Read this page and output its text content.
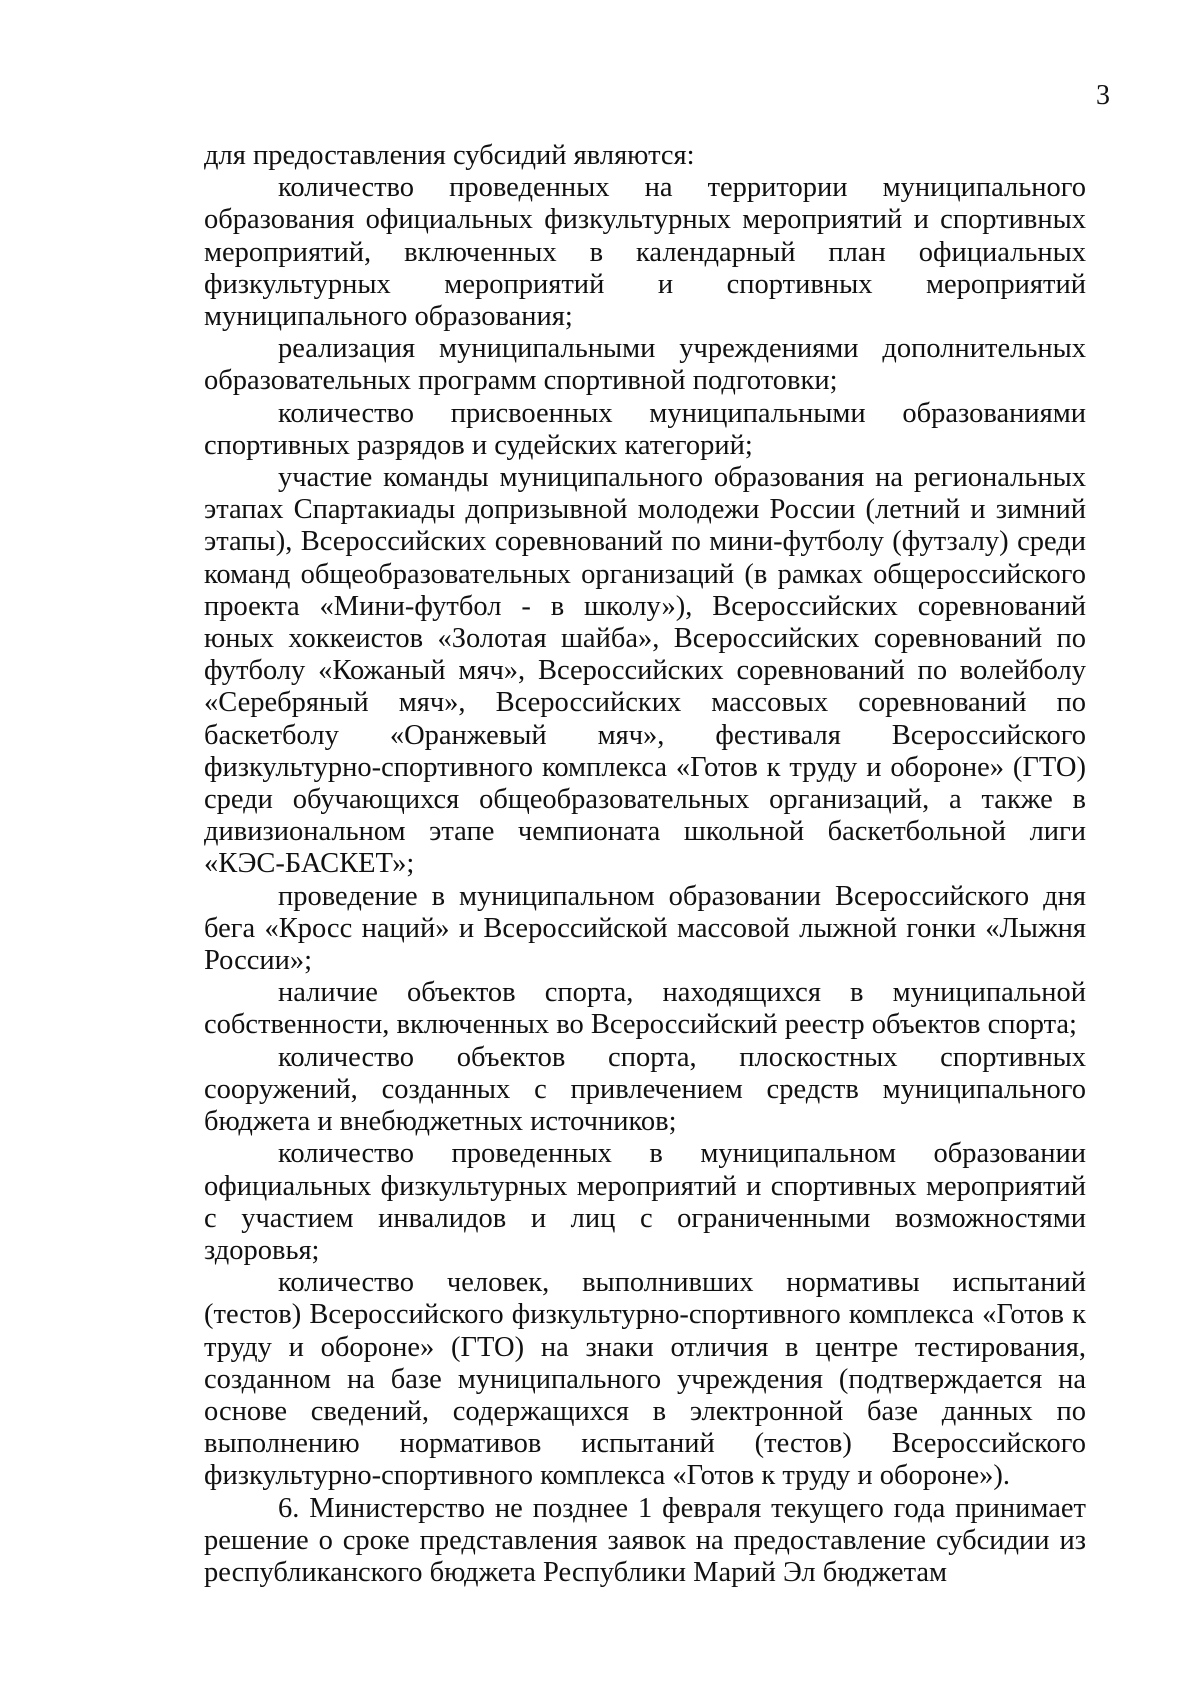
3

для предоставления субсидий являются:

количество проведенных на территории муниципального образования официальных физкультурных мероприятий и спортивных мероприятий, включенных в календарный план официальных физкультурных мероприятий и спортивных мероприятий муниципального образования;

реализация муниципальными учреждениями дополнительных образовательных программ спортивной подготовки;

количество присвоенных муниципальными образованиями спортивных разрядов и судейских категорий;

участие команды муниципального образования на региональных этапах Спартакиады допризывной молодежи России (летний и зимний этапы), Всероссийских соревнований по мини-футболу (футзалу) среди команд общеобразовательных организаций (в рамках общероссийского проекта «Мини-футбол - в школу»), Всероссийских соревнований юных хоккеистов «Золотая шайба», Всероссийских соревнований по футболу «Кожаный мяч», Всероссийских соревнований по волейболу «Серебряный мяч», Всероссийских массовых соревнований по баскетболу «Оранжевый мяч», фестиваля Всероссийского физкультурно-спортивного комплекса «Готов к труду и обороне» (ГТО) среди обучающихся общеобразовательных организаций, а также в дивизиональном этапе чемпионата школьной баскетбольной лиги «КЭС-БАСКЕТ»;

проведение в муниципальном образовании Всероссийского дня бега «Кросс наций» и Всероссийской массовой лыжной гонки «Лыжня России»;

наличие объектов спорта, находящихся в муниципальной собственности, включенных во Всероссийский реестр объектов спорта;

количество объектов спорта, плоскостных спортивных сооружений, созданных с привлечением средств муниципального бюджета и внебюджетных источников;

количество проведенных в муниципальном образовании официальных физкультурных мероприятий и спортивных мероприятий с участием инвалидов и лиц с ограниченными возможностями здоровья;

количество человек, выполнивших нормативы испытаний (тестов) Всероссийского физкультурно-спортивного комплекса «Готов к труду и обороне» (ГТО) на знаки отличия в центре тестирования, созданном на базе муниципального учреждения (подтверждается на основе сведений, содержащихся в электронной базе данных по выполнению нормативов испытаний (тестов) Всероссийского физкультурно-спортивного комплекса «Готов к труду и обороне»).

6. Министерство не позднее 1 февраля текущего года принимает решение о сроке представления заявок на предоставление субсидии из республиканского бюджета Республики Марий Эл бюджетам
